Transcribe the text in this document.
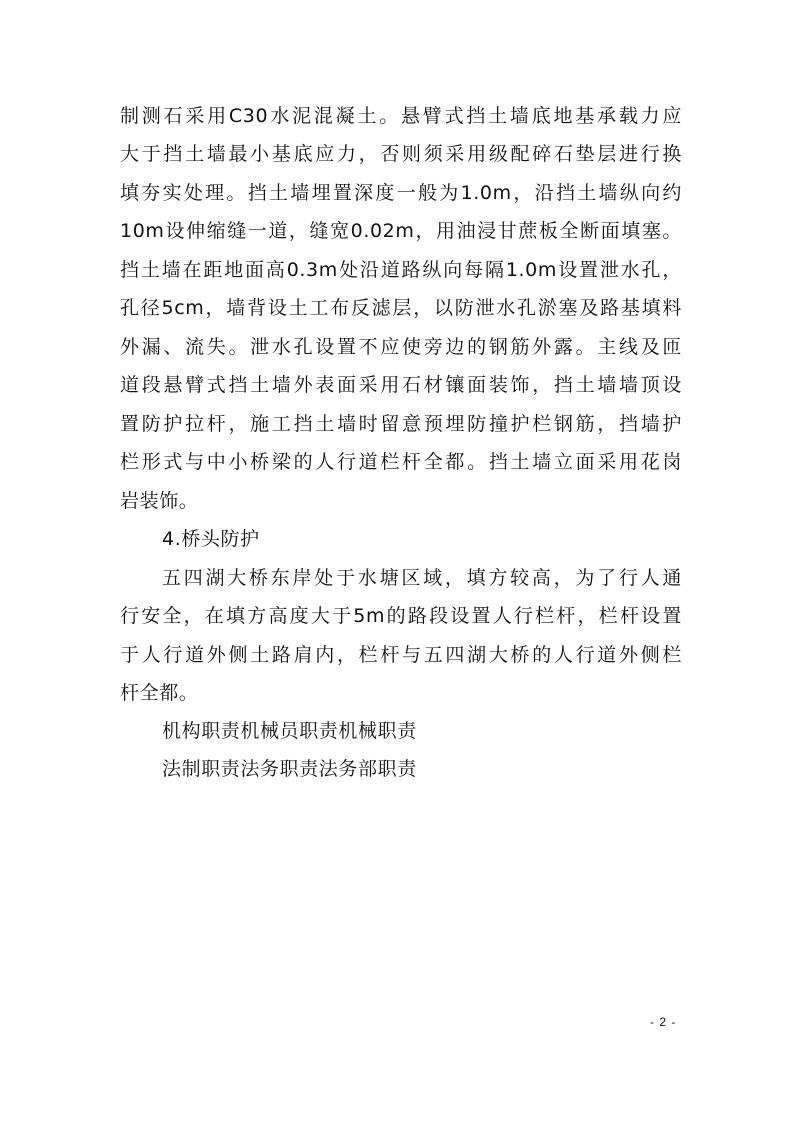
制测石采用C30水泥混凝土。悬臂式挡土墙底地基承载力应
大于挡土墙最小基底应力，否则须采用级配碎石垫层进行换
填夯实处理。挡土墙埋置深度一般为1.0m，沿挡土墙纵向约
10m设伸缩缝一道，缝宽0.02m，用油浸甘蔗板全断面填塞。
挡土墙在距地面高0.3m处沿道路纵向每隔1.0m设置泄水孔，
孔径5cm，墙背设土工布反滤层，以防泄水孔淤塞及路基填料
外漏、流失。泄水孔设置不应使旁边的钢筋外露。主线及匝
道段悬臂式挡土墙外表面采用石材镶面装饰，挡土墙墙顶设
置防护拉杆，施工挡土墙时留意预埋防撞护栏钢筋，挡墙护
栏形式与中小桥梁的人行道栏杆全都。挡土墙立面采用花岗
岩装饰。
4.桥头防护
五四湖大桥东岸处于水塘区域，填方较高，为了行人通
行安全，在填方高度大于5m的路段设置人行栏杆，栏杆设置
于人行道外侧土路肩内，栏杆与五四湖大桥的人行道外侧栏
杆全都。
机构职责机械员职责机械职责
法制职责法务职责法务部职责
- 2 -
